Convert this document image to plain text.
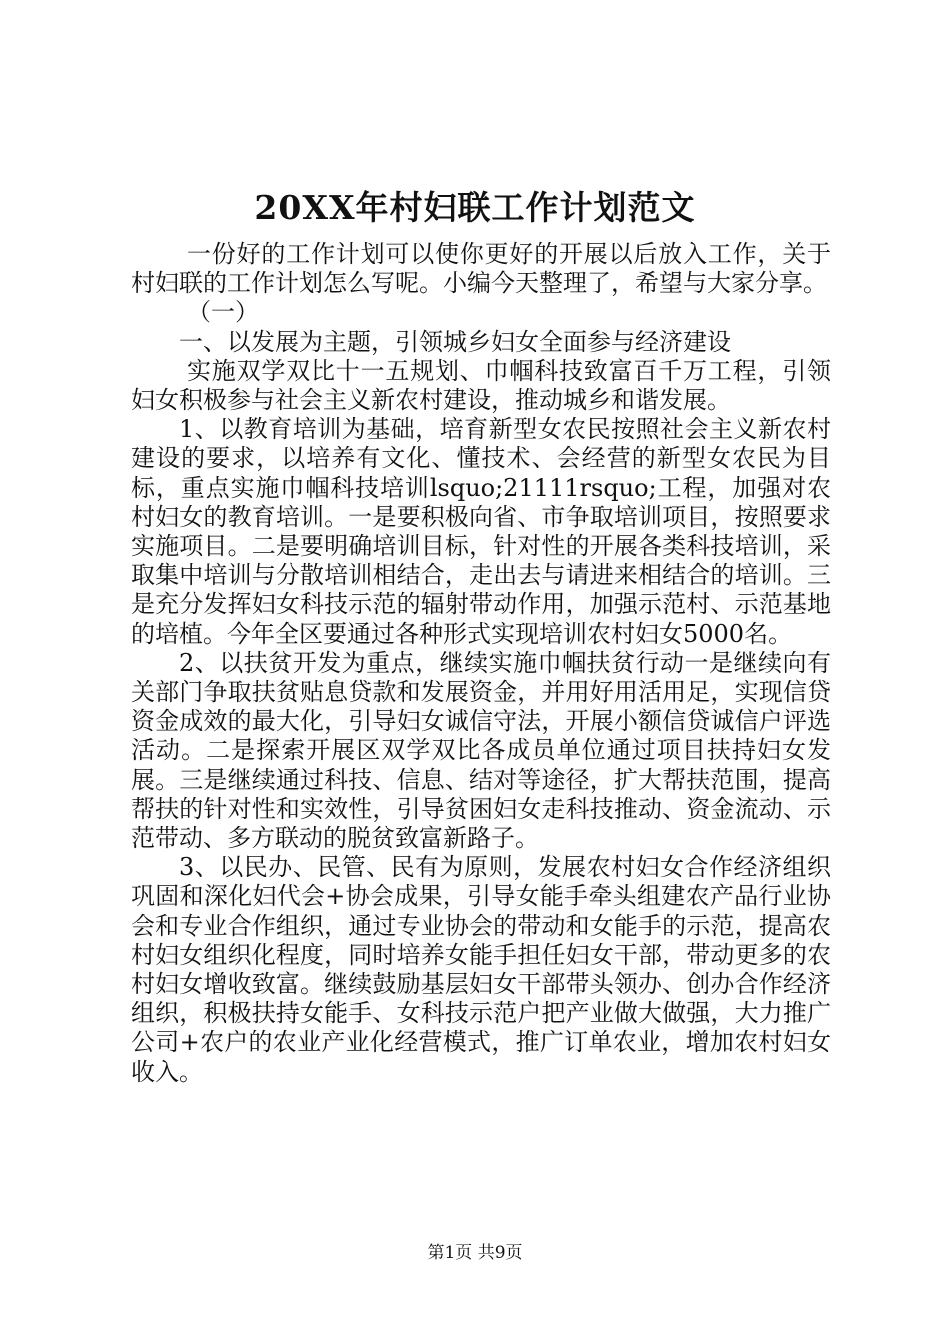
20XX年村妇联工作计划范文

一份好的工作计划可以使你更好的开展以后放入工作，关于村妇联的工作计划怎么写呢。小编今天整理了，希望与大家分享。

（一）

一、以发展为主题，引领城乡妇女全面参与经济建设

实施双学双比十一五规划、巾帼科技致富百千万工程，引领妇女积极参与社会主义新农村建设，推动城乡和谐发展。

1、以教育培训为基础，培育新型女农民按照社会主义新农村建设的要求，以培养有文化、懂技术、会经营的新型女农民为目标，重点实施巾帼科技培训lsquo;21111rsquo;工程，加强对农村妇女的教育培训。一是要积极向省、市争取培训项目，按照要求实施项目。二是要明确培训目标，针对性的开展各类科技培训，采取集中培训与分散培训相结合，走出去与请进来相结合的培训。三是充分发挥妇女科技示范的辐射带动作用，加强示范村、示范基地的培植。今年全区要通过各种形式实现培训农村妇女5000名。

2、以扶贫开发为重点，继续实施巾帼扶贫行动一是继续向有关部门争取扶贫贴息贷款和发展资金，并用好用活用足，实现信贷资金成效的最大化，引导妇女诚信守法，开展小额信贷诚信户评选活动。二是探索开展区双学双比各成员单位通过项目扶持妇女发展。三是继续通过科技、信息、结对等途径，扩大帮扶范围，提高帮扶的针对性和实效性，引导贫困妇女走科技推动、资金流动、示范带动、多方联动的脱贫致富新路子。

3、以民办、民管、民有为原则，发展农村妇女合作经济组织巩固和深化妇代会+协会成果，引导女能手牵头组建农产品行业协会和专业合作组织，通过专业协会的带动和女能手的示范，提高农村妇女组织化程度，同时培养女能手担任妇女干部，带动更多的农村妇女增收致富。继续鼓励基层妇女干部带头领办、创办合作经济组织，积极扶持女能手、女科技示范户把产业做大做强，大力推广公司+农户的农业产业化经营模式，推广订单农业，增加农村妇女收入。

第1页 共9页
